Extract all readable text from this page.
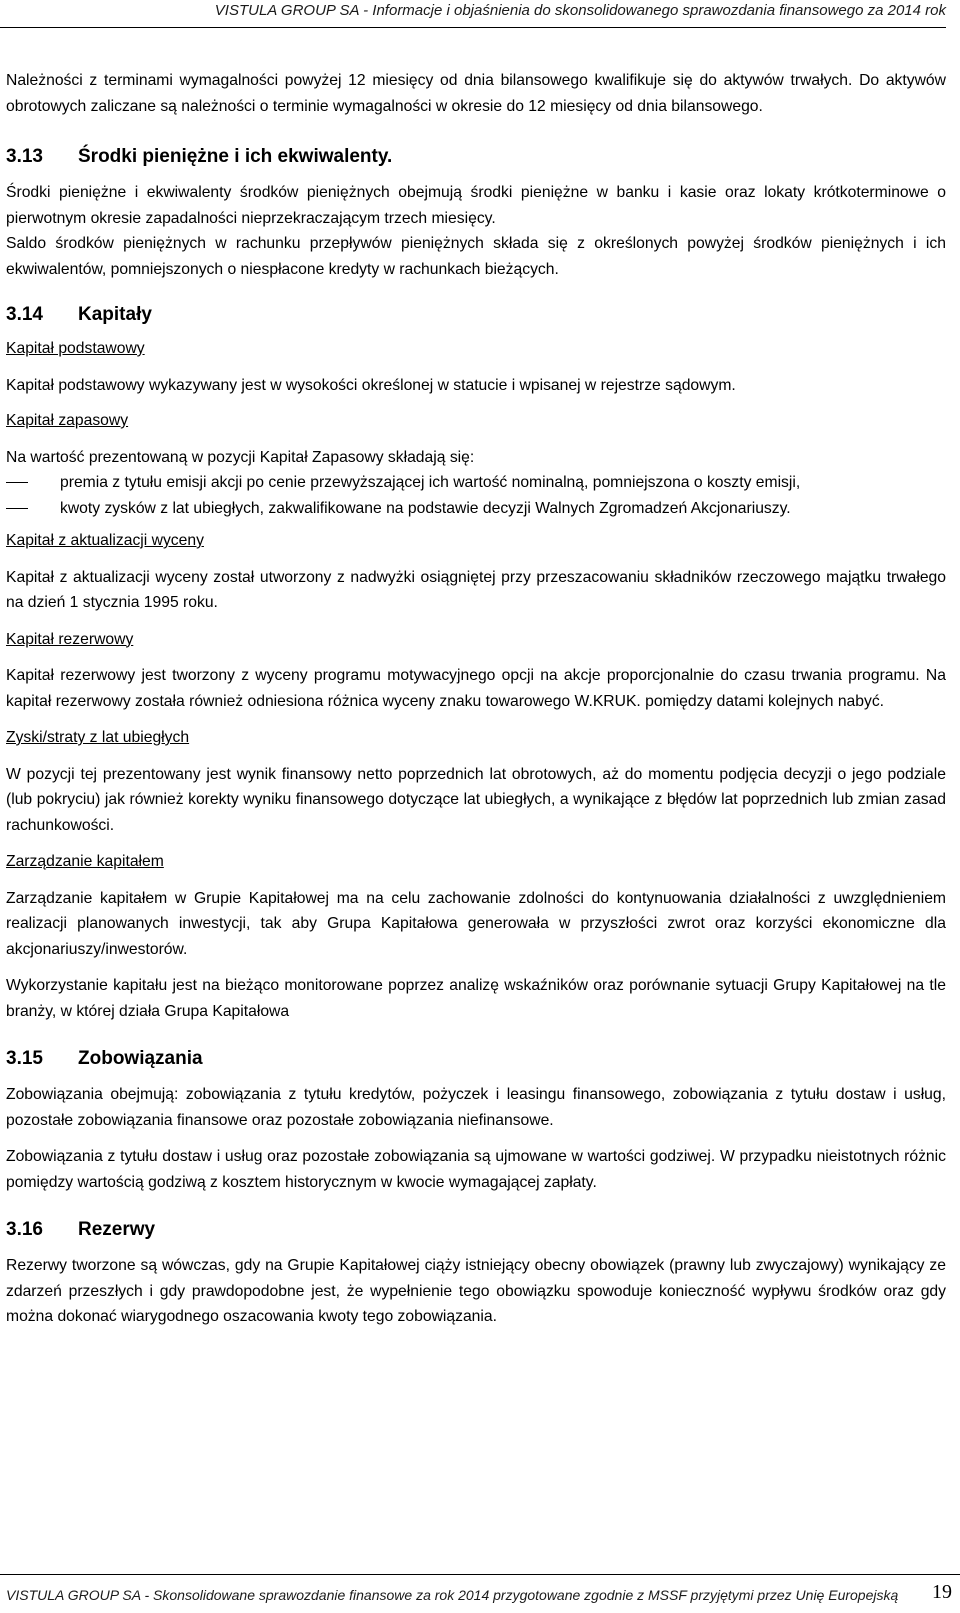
VISTULA GROUP SA - Informacje i objaśnienia do skonsolidowanego sprawozdania finansowego za 2014 rok

Należności z terminami wymagalności powyżej 12 miesięcy od dnia bilansowego kwalifikuje się do aktywów trwałych. Do aktywów obrotowych zaliczane są należności o terminie wymagalności w okresie do 12 miesięcy od dnia bilansowego.

3.13 Środki pieniężne i ich ekwiwalenty.

Środki pieniężne i ekwiwalenty środków pieniężnych obejmują środki pieniężne w banku i kasie oraz lokaty krótkoterminowe o pierwotnym okresie zapadalności nieprzekraczającym trzech miesięcy.

Saldo środków pieniężnych w rachunku przepływów pieniężnych składa się z określonych powyżej środków pieniężnych i ich ekwiwalentów, pomniejszonych o niespłacone kredyty w rachunkach bieżących.

3.14 Kapitały
Kapitał podstawowy

Kapitał podstawowy wykazywany jest w wysokości określonej w statucie i wpisanej w rejestrze sądowym.

Kapitał zapasowy

Na wartość prezentowaną w pozycji Kapitał Zapasowy składają się:

premia z tytułu emisji akcji po cenie przewyższającej ich wartość nominalną, pomniejszona o koszty emisji,
kwoty zysków z lat ubiegłych, zakwalifikowane na podstawie decyzji Walnych Zgromadzeń Akcjonariuszy.
Kapitał z aktualizacji wyceny

Kapitał z aktualizacji wyceny został utworzony z nadwyżki osiągniętej przy przeszacowaniu składników rzeczowego majątku trwałego na dzień 1 stycznia 1995 roku.

Kapitał rezerwowy

Kapitał rezerwowy jest tworzony z wyceny programu motywacyjnego opcji na akcje proporcjonalnie do czasu trwania programu. Na kapitał rezerwowy została również odniesiona różnica wyceny znaku towarowego W.KRUK. pomiędzy datami kolejnych nabyć.

Zyski/straty z lat ubiegłych

W pozycji tej prezentowany jest wynik finansowy netto poprzednich lat obrotowych, aż do momentu podjęcia decyzji o jego podziale (lub pokryciu) jak również korekty wyniku finansowego dotyczące lat ubiegłych, a wynikające z błędów lat poprzednich lub zmian zasad rachunkowości.

Zarządzanie kapitałem

Zarządzanie kapitałem w Grupie Kapitałowej ma na celu zachowanie zdolności do kontynuowania działalności z uwzględnieniem realizacji planowanych inwestycji, tak aby Grupa Kapitałowa generowała w przyszłości zwrot oraz korzyści ekonomiczne dla akcjonariuszy/inwestorów.

Wykorzystanie kapitału jest na bieżąco monitorowane poprzez analizę wskaźników oraz porównanie sytuacji Grupy Kapitałowej na tle branży, w której działa Grupa Kapitałowa

3.15 Zobowiązania

Zobowiązania obejmują: zobowiązania z tytułu kredytów, pożyczek i leasingu finansowego, zobowiązania z tytułu dostaw i usług, pozostałe zobowiązania finansowe oraz pozostałe zobowiązania niefinansowe.

Zobowiązania z tytułu dostaw i usług oraz pozostałe zobowiązania są ujmowane w wartości godziwej. W przypadku nieistotnych różnic pomiędzy wartością godziwą z kosztem historycznym w kwocie wymagającej zapłaty.

3.16 Rezerwy

Rezerwy tworzone są wówczas, gdy na Grupie Kapitałowej ciąży istniejący obecny obowiązek (prawny lub zwyczajowy) wynikający ze zdarzeń przeszłych i gdy prawdopodobne jest, że wypełnienie tego obowiązku spowoduje konieczność wypływu środków oraz gdy można dokonać wiarygodnego oszacowania kwoty tego zobowiązania.

VISTULA GROUP SA - Skonsolidowane sprawozdanie finansowe za rok 2014 przygotowane zgodnie z MSSF przyjętymi przez Unię Europejską 19
